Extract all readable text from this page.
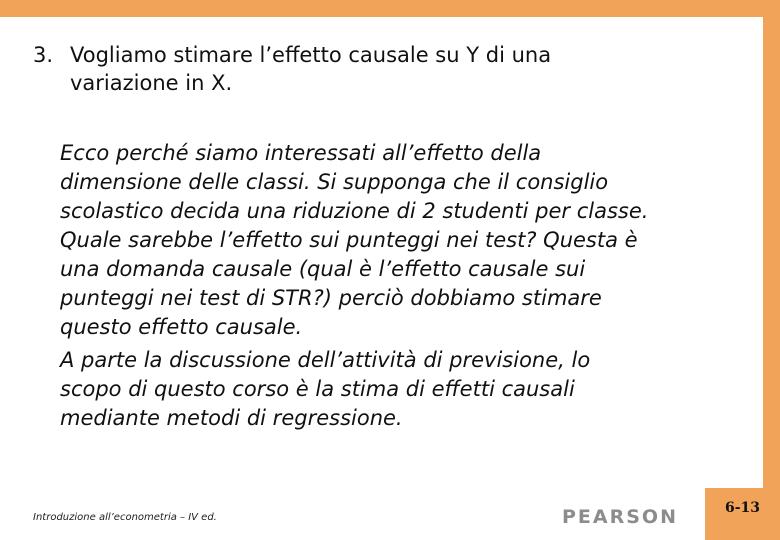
3. Vogliamo stimare l’effetto causale su Y di una
variazione in X.
Ecco perché siamo interessati all’effetto della
dimensione delle classi. Si supponga che il consiglio
scolastico decida una riduzione di 2 studenti per classe.
Quale sarebbe l’effetto sui punteggi nei test? Questa è
una domanda causale (qual è l’effetto causale sui
punteggi nei test di STR?) perciò dobbiamo stimare
questo effetto causale.
A parte la discussione dell’attività di previsione, lo
scopo di questo corso è la stima di effetti causali
mediante metodi di regressione.
Introduzione all’econometria – IV ed.	PEARSON	6-13
